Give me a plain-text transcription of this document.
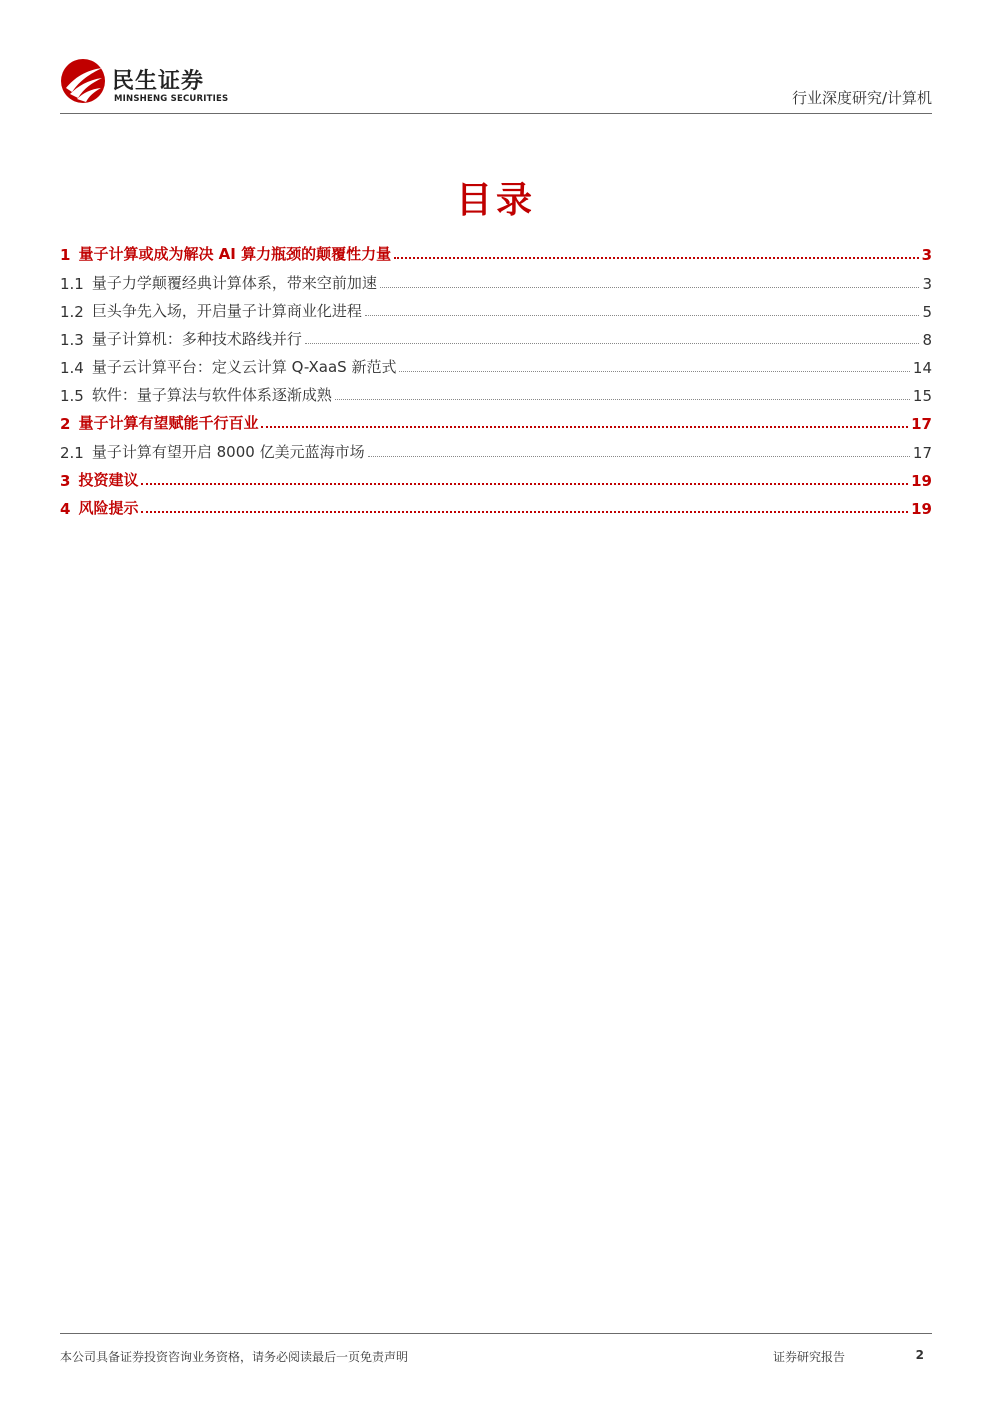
民生证券
MINSHENG SECURITIES	行业深度研究/计算机
目录
1 量子计算或成为解决 AI 算力瓶颈的颠覆性力量	3
1.1 量子力学颠覆经典计算体系，带来空前加速	3
1.2 巨头争先入场，开启量子计算商业化进程	5
1.3 量子计算机：多种技术路线并行	8
1.4 量子云计算平台：定义云计算 Q-XaaS 新范式	14
1.5 软件：量子算法与软件体系逐渐成熟	15
2 量子计算有望赋能千行百业	17
2.1 量子计算有望开启 8000 亿美元蓝海市场	17
3 投资建议	19
4 风险提示	19
本公司具备证券投资咨询业务资格，请务必阅读最后一页免责声明	证券研究报告	2
